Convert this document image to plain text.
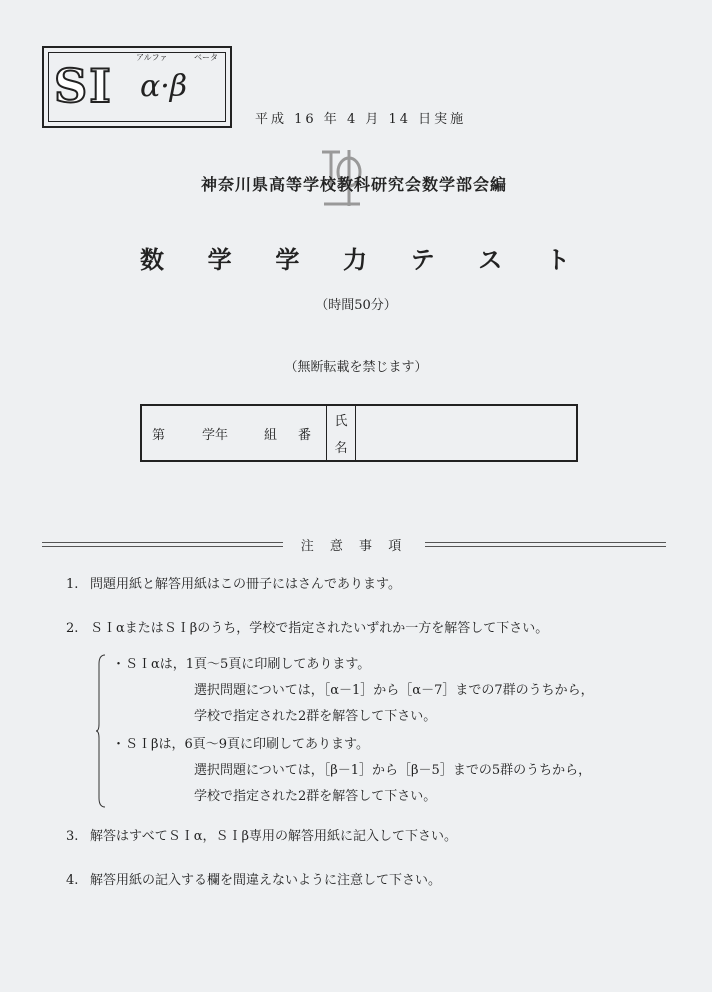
アルファ	ベータ
SI α·β
平成 16 年 4 月 14 日実施
神奈川県高等学校教科研究会数学部会編
数 学 学 力 テ ス ト
（時間50分）
（無断転載を禁じます）
第	学年	組	番
氏
名
注 意 事 項
1. 問題用紙と解答用紙はこの冊子にはさんであります。
2. ＳＩαまたはＳＩβのうち，学校で指定されたいずれか一方を解答して下さい。
・ＳＩαは，1頁～5頁に印刷してあります。
選択問題については，［α－1］から［α－7］までの7群のうちから，
学校で指定された2群を解答して下さい。
・ＳＩβは，6頁～9頁に印刷してあります。
選択問題については，［β－1］から［β－5］までの5群のうちから，
学校で指定された2群を解答して下さい。
3. 解答はすべてＳＩα，ＳＩβ専用の解答用紙に記入して下さい。
4. 解答用紙の記入する欄を間違えないように注意して下さい。
